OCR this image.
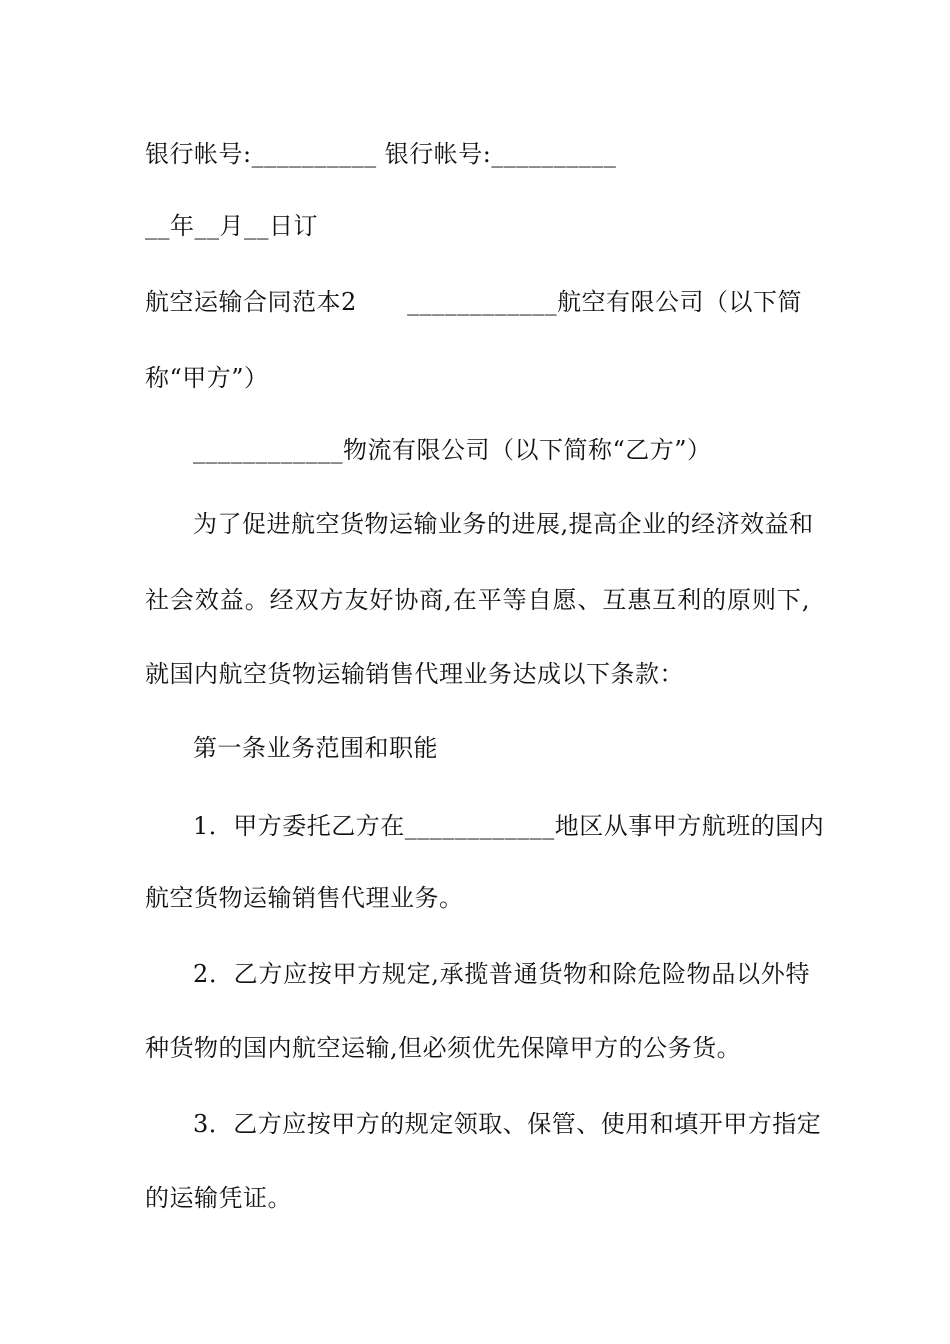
银行帐号:__________ 银行帐号:__________
__年__月__日订
航空运输合同范本2 ____________航空有限公司（以下简
称“甲方”）
____________物流有限公司（以下简称“乙方”）
为了促进航空货物运输业务的进展,提高企业的经济效益和
社会效益。经双方友好协商,在平等自愿、互惠互利的原则下,
就国内航空货物运输销售代理业务达成以下条款：
第一条业务范围和职能
1．甲方委托乙方在____________地区从事甲方航班的国内
航空货物运输销售代理业务。
2．乙方应按甲方规定,承揽普通货物和除危险物品以外特
种货物的国内航空运输,但必须优先保障甲方的公务货。
3．乙方应按甲方的规定领取、保管、使用和填开甲方指定
的运输凭证。
